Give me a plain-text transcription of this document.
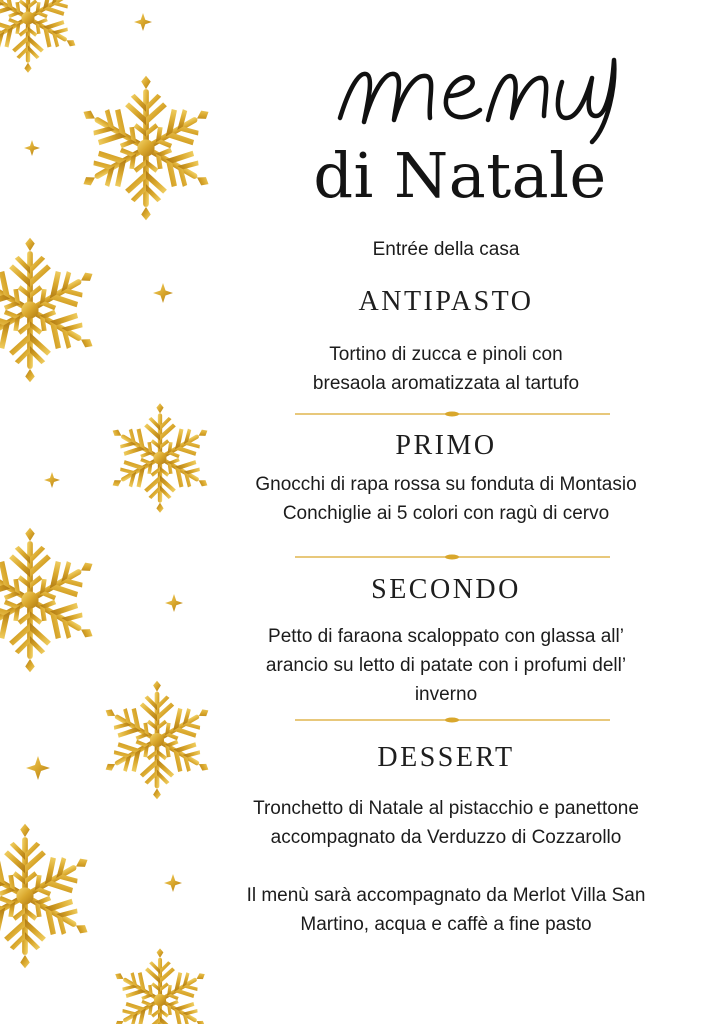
di Natale
Entrée della casa
ANTIPASTO
Tortino di zucca e pinoli con
bresaola aromatizzata al tartufo
PRIMO
Gnocchi di rapa rossa su fonduta di Montasio
Conchiglie ai 5 colori con ragù di cervo
SECONDO
Petto di faraona scaloppato con glassa all’
arancio su letto di patate con i profumi dell’
inverno
DESSERT
Tronchetto di Natale al pistacchio e panettone
accompagnato da Verduzzo di Cozzarollo
Il menù sarà accompagnato da Merlot Villa San
Martino, acqua e caffè a fine pasto
